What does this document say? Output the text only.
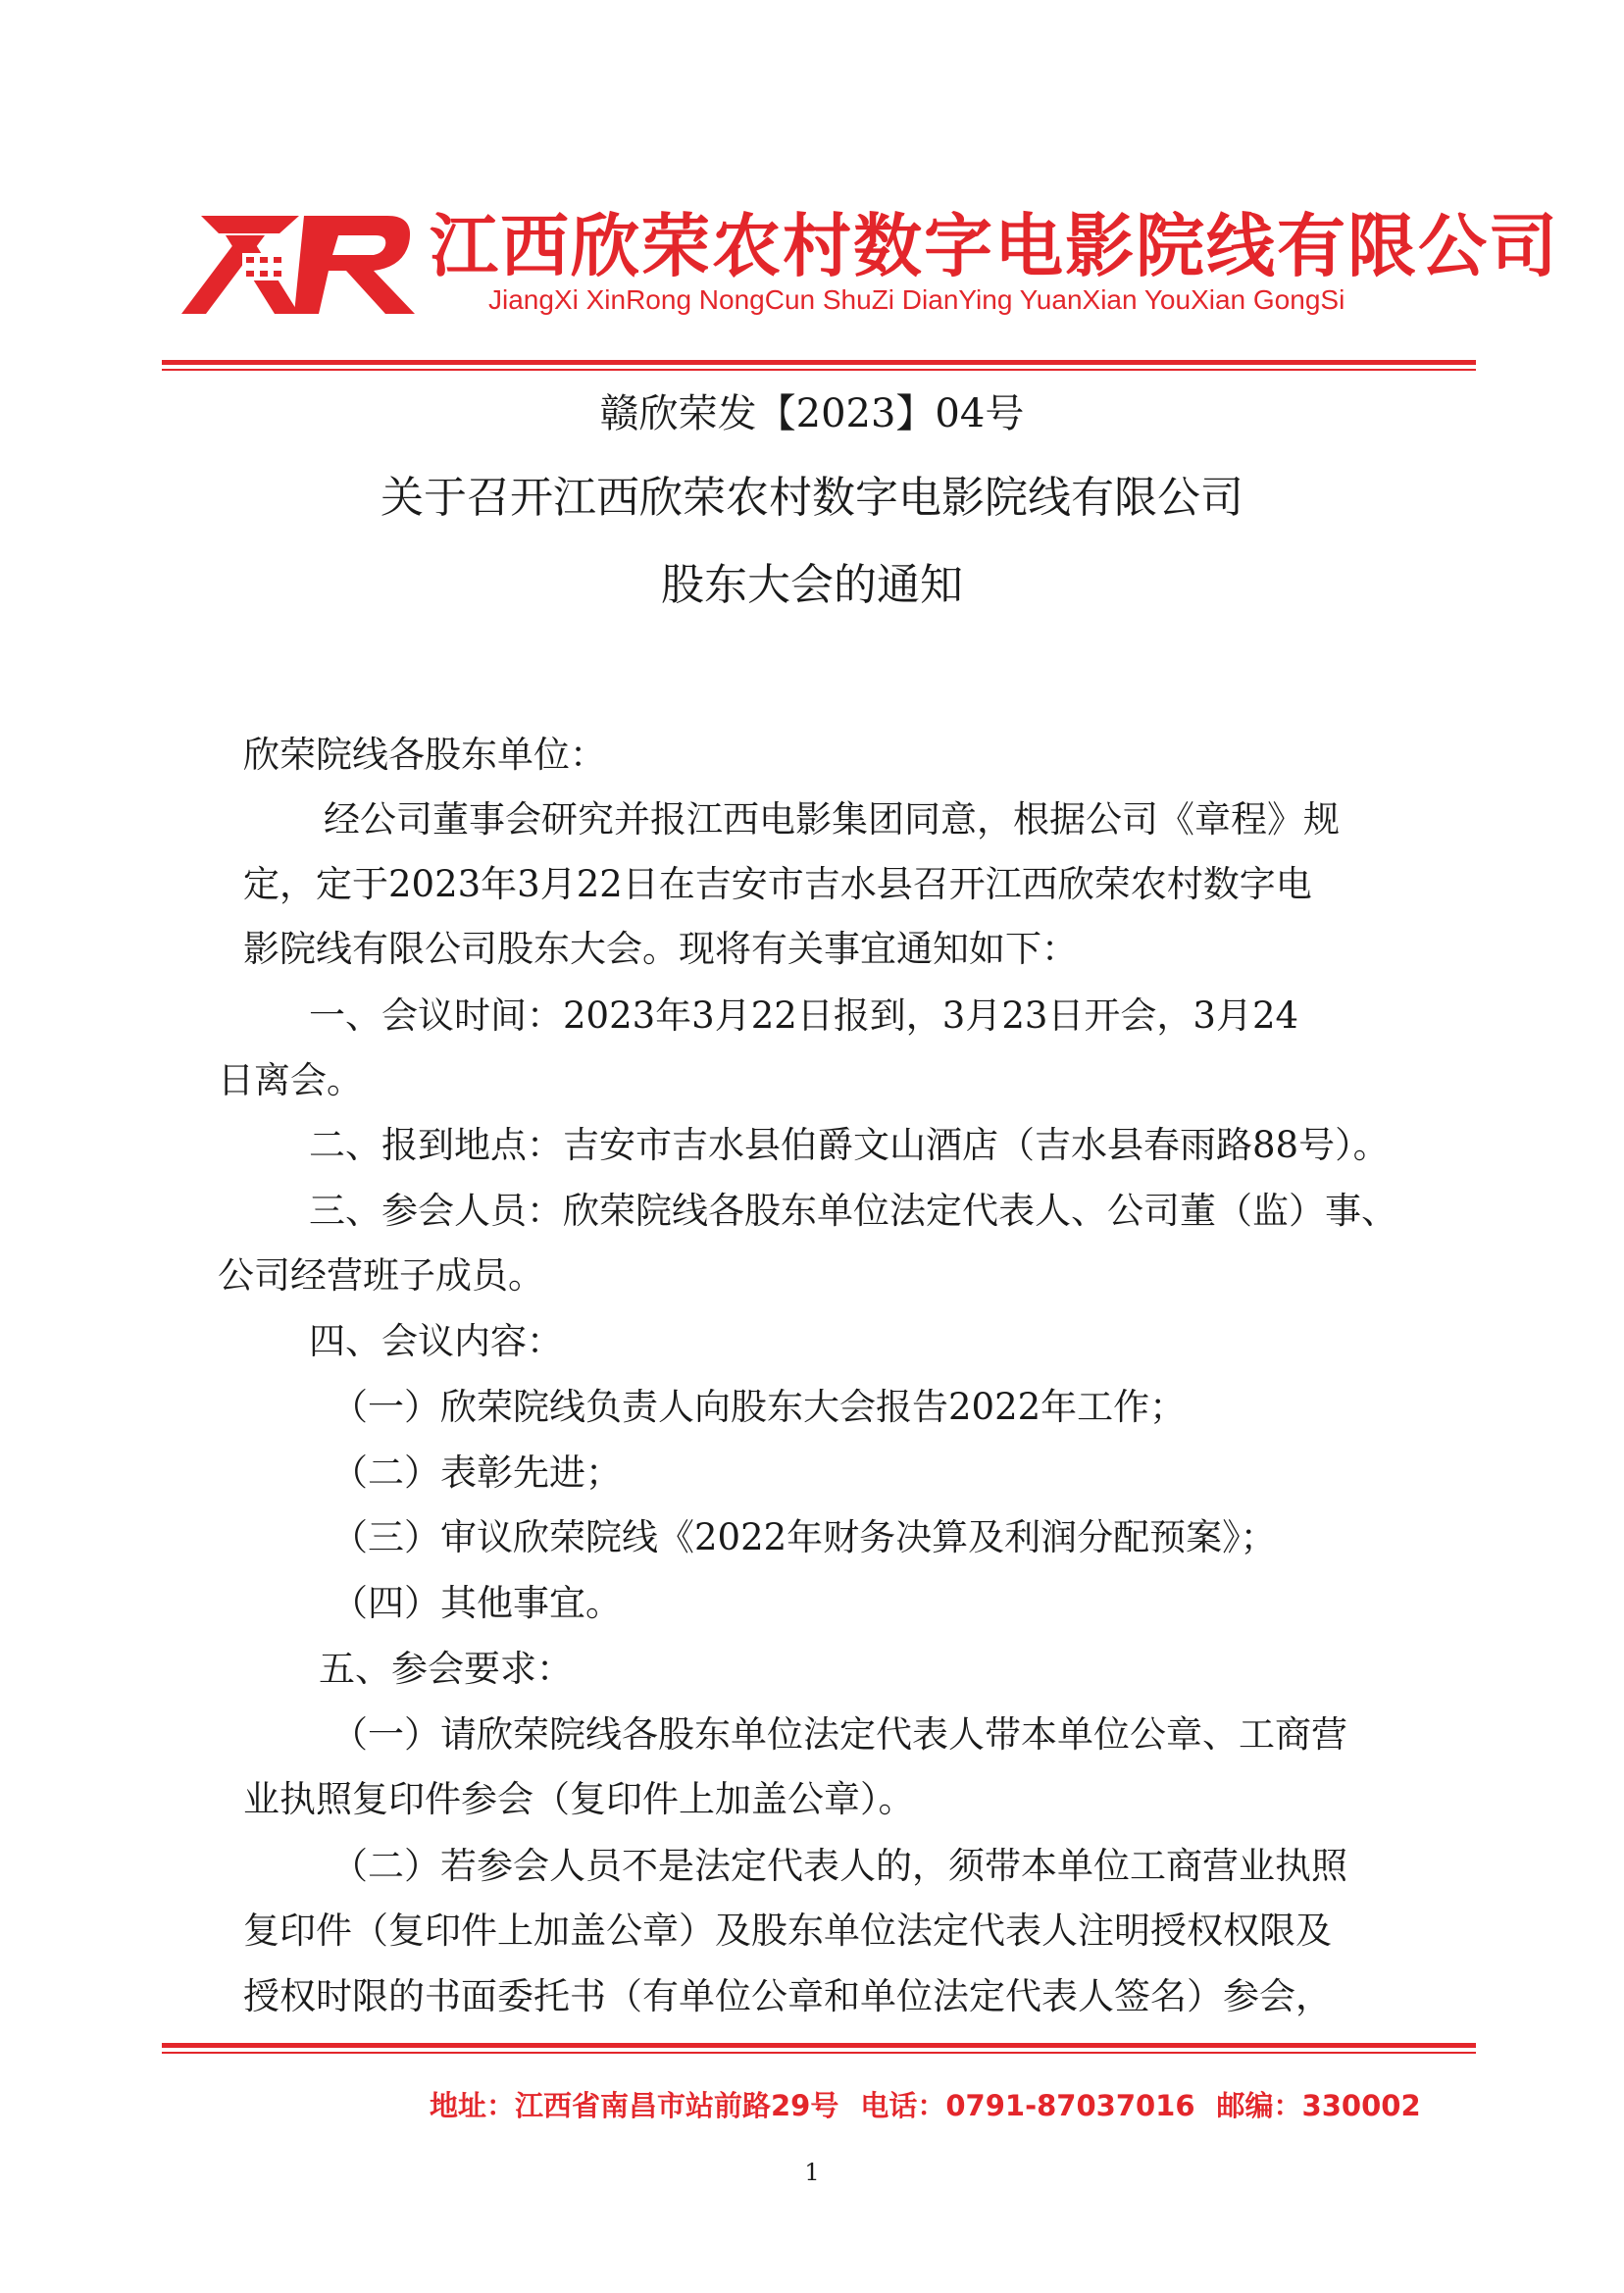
江西欣荣农村数字电影院线有限公司
JiangXi XinRong NongCun ShuZi DianYing YuanXian YouXian GongSi
赣欣荣发【2023】04号
关于召开江西欣荣农村数字电影院线有限公司
股东大会的通知
欣荣院线各股东单位：
经公司董事会研究并报江西电影集团同意，根据公司《章程》规
定，定于2023年3月22日在吉安市吉水县召开江西欣荣农村数字电
影院线有限公司股东大会。现将有关事宜通知如下：
一、会议时间：2023年3月22日报到，3月23日开会，3月24
日离会。
二、报到地点：吉安市吉水县伯爵文山酒店（吉水县春雨路88号）。
三、参会人员：欣荣院线各股东单位法定代表人、公司董（监）事、
公司经营班子成员。
四、会议内容：
（一）欣荣院线负责人向股东大会报告2022年工作；
（二）表彰先进；
（三）审议欣荣院线《2022年财务决算及利润分配预案》；
（四）其他事宜。
五、参会要求：
（一）请欣荣院线各股东单位法定代表人带本单位公章、工商营
业执照复印件参会（复印件上加盖公章）。
（二）若参会人员不是法定代表人的，须带本单位工商营业执照
复印件（复印件上加盖公章）及股东单位法定代表人注明授权权限及
授权时限的书面委托书（有单位公章和单位法定代表人签名）参会，
地址：江西省南昌市站前路29号 电话：0791-87037016 邮编：330002
1
